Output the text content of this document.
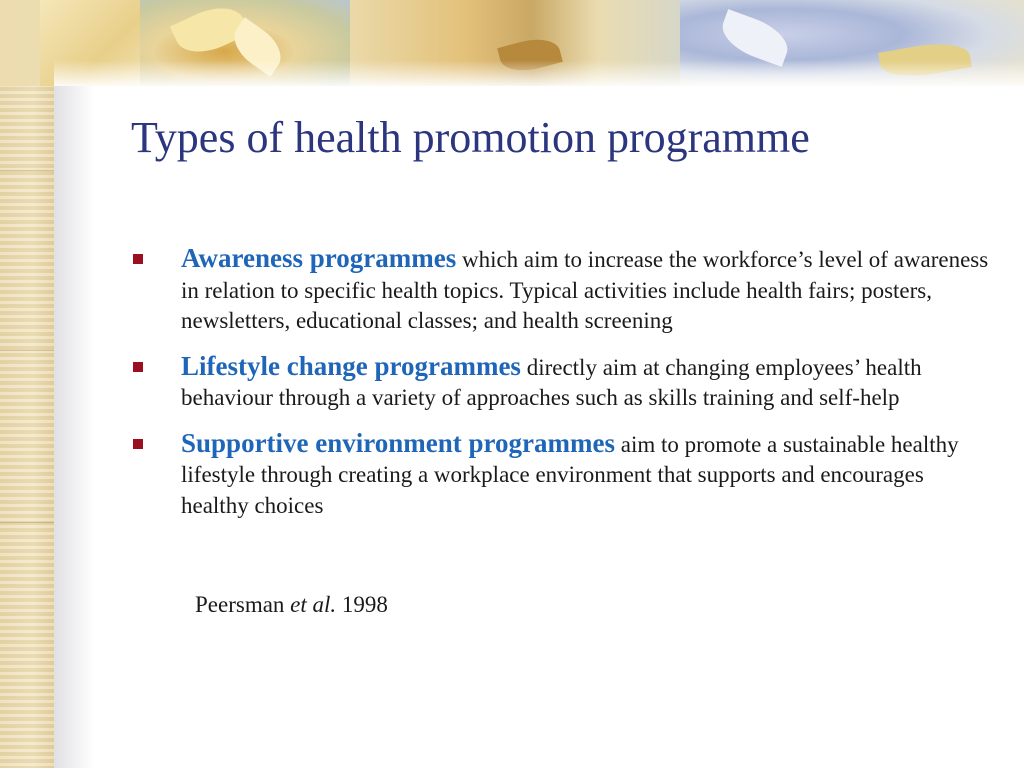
Types of health promotion programme
Awareness programmes which aim to increase the workforce’s level of awareness in relation to specific health topics. Typical activities include health fairs; posters, newsletters, educational classes; and health screening
Lifestyle change programmes directly aim at changing employees’ health behaviour through a variety of approaches such as skills training and self-help
Supportive environment programmes aim to promote a sustainable healthy lifestyle through creating a workplace environment that supports and encourages healthy choices
Peersman et al. 1998
